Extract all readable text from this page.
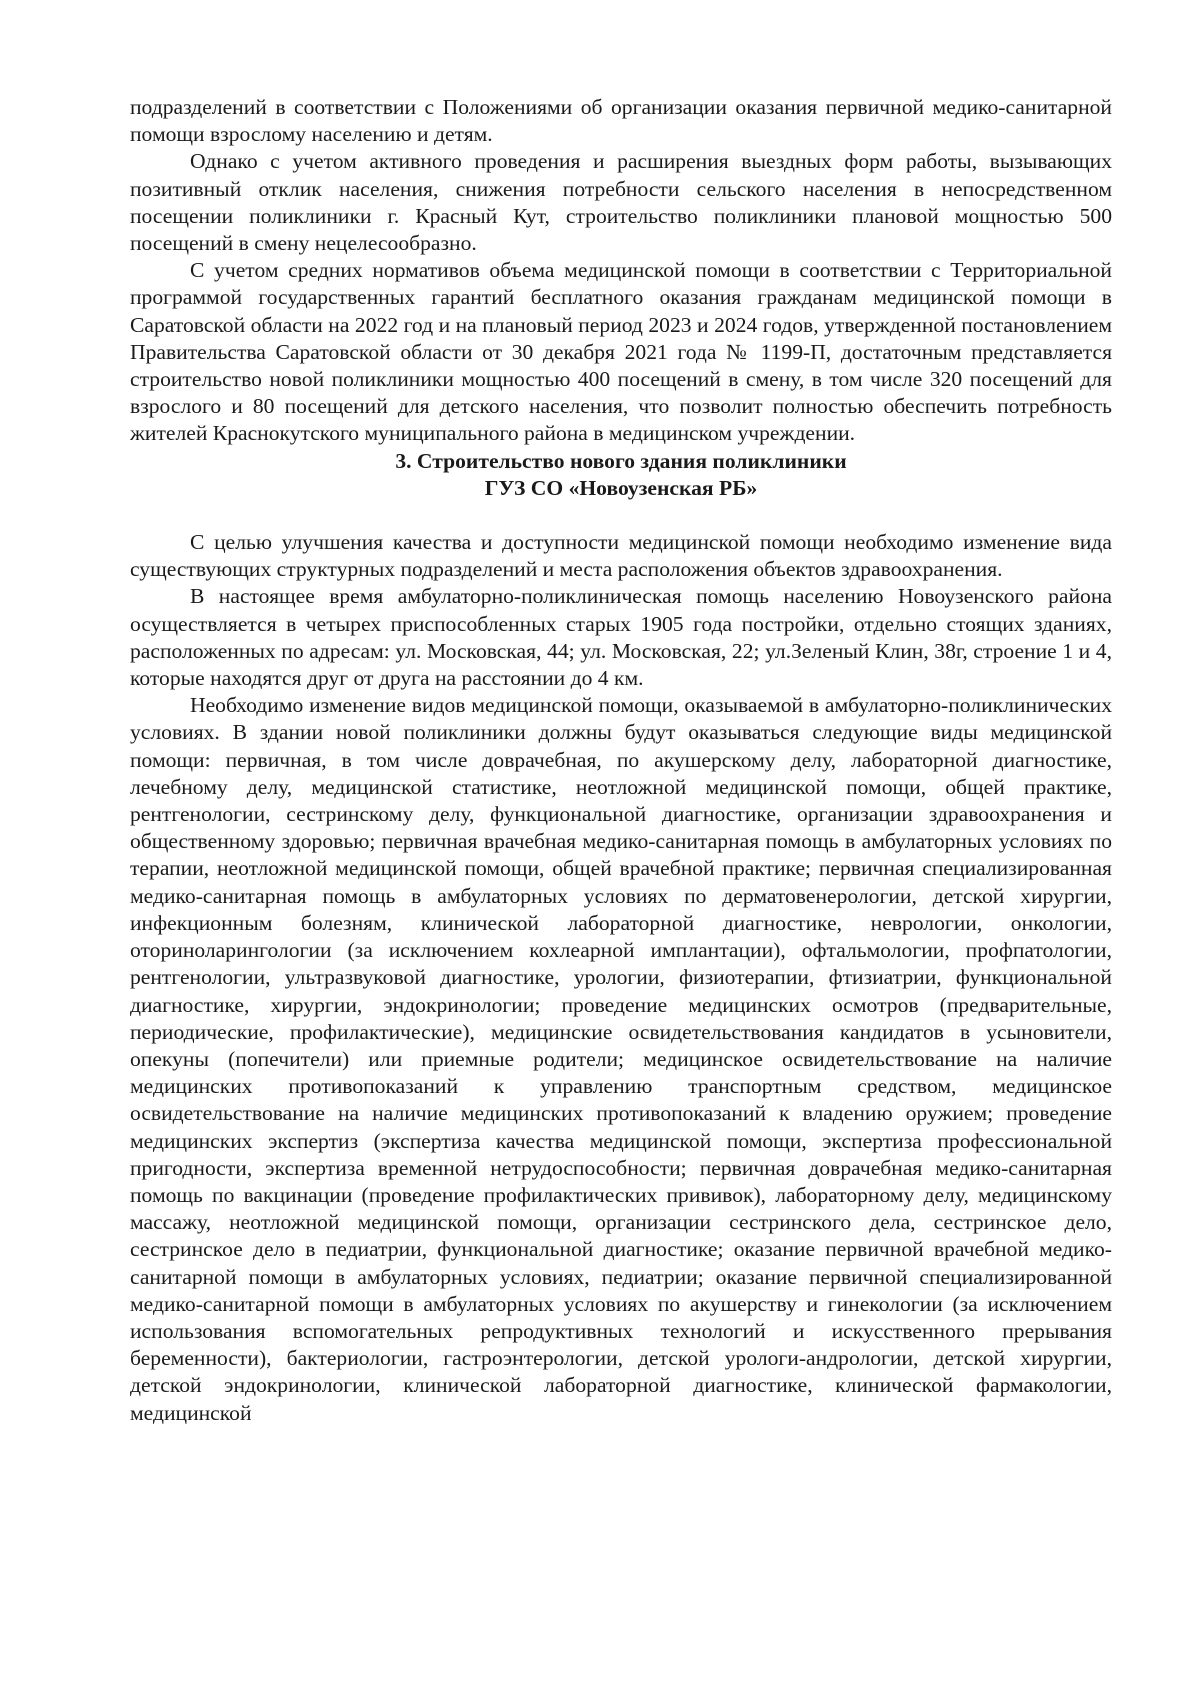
подразделений в соответствии с Положениями об организации оказания первичной медико-санитарной помощи взрослому населению и детям.

Однако с учетом активного проведения и расширения выездных форм работы, вызывающих позитивный отклик населения, снижения потребности сельского населения в непосредственном посещении поликлиники г. Красный Кут, строительство поликлиники плановой мощностью 500 посещений в смену нецелесообразно.

С учетом средних нормативов объема медицинской помощи в соответствии с Территориальной программой государственных гарантий бесплатного оказания гражданам медицинской помощи в Саратовской области на 2022 год и на плановый период 2023 и 2024 годов, утвержденной постановлением Правительства Саратовской области от 30 декабря 2021 года № 1199-П, достаточным представляется строительство новой поликлиники мощностью 400 посещений в смену, в том числе 320 посещений для взрослого и 80 посещений для детского населения, что позволит полностью обеспечить потребность жителей Краснокутского муниципального района в медицинском учреждении.

3. Строительство нового здания поликлиники
ГУЗ СО «Новоузенская РБ»

С целью улучшения качества и доступности медицинской помощи необходимо изменение вида существующих структурных подразделений и места расположения объектов здравоохранения.

В настоящее время амбулаторно-поликлиническая помощь населению Новоузенского района осуществляется в четырех приспособленных старых 1905 года постройки, отдельно стоящих зданиях, расположенных по адресам: ул. Московская, 44; ул. Московская, 22; ул.Зеленый Клин, 38г, строение 1 и 4, которые находятся друг от друга на расстоянии до 4 км.

Необходимо изменение видов медицинской помощи, оказываемой в амбулаторно-поликлинических условиях. В здании новой поликлиники должны будут оказываться следующие виды медицинской помощи: первичная, в том числе доврачебная, по акушерскому делу, лабораторной диагностике, лечебному делу, медицинской статистике, неотложной медицинской помощи, общей практике, рентгенологии, сестринскому делу, функциональной диагностике, организации здравоохранения и общественному здоровью; первичная врачебная медико-санитарная помощь в амбулаторных условиях по терапии, неотложной медицинской помощи, общей врачебной практике; первичная специализированная медико-санитарная помощь в амбулаторных условиях по дерматовенерологии, детской хирургии, инфекционным болезням, клинической лабораторной диагностике, неврологии, онкологии, оториноларингологии (за исключением кохлеарной имплантации), офтальмологии, профпатологии, рентгенологии, ультразвуковой диагностике, урологии, физиотерапии, фтизиатрии, функциональной диагностике, хирургии, эндокринологии; проведение медицинских осмотров (предварительные, периодические, профилактические), медицинские освидетельствования кандидатов в усыновители, опекуны (попечители) или приемные родители; медицинское освидетельствование на наличие медицинских противопоказаний к управлению транспортным средством, медицинское освидетельствование на наличие медицинских противопоказаний к владению оружием; проведение медицинских экспертиз (экспертиза качества медицинской помощи, экспертиза профессиональной пригодности, экспертиза временной нетрудоспособности; первичная доврачебная медико-санитарная помощь по вакцинации (проведение профилактических прививок), лабораторному делу, медицинскому массажу, неотложной медицинской помощи, организации сестринского дела, сестринское дело, сестринское дело в педиатрии, функциональной диагностике; оказание первичной врачебной медико-санитарной помощи в амбулаторных условиях, педиатрии; оказание первичной специализированной медико-санитарной помощи в амбулаторных условиях по акушерству и гинекологии (за исключением использования вспомогательных репродуктивных технологий и искусственного прерывания беременности), бактериологии, гастроэнтерологии, детской урологи-андрологии, детской хирургии, детской эндокринологии, клинической лабораторной диагностике, клинической фармакологии, медицинской
